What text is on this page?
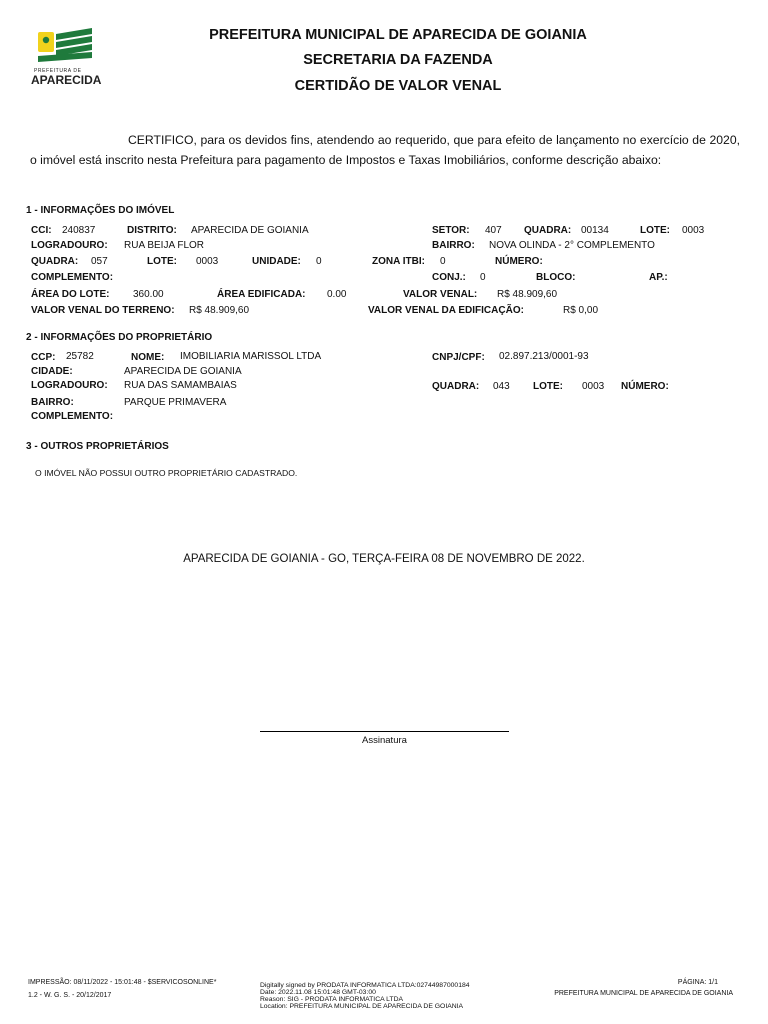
PREFEITURA DE
APARECIDA
PREFEITURA MUNICIPAL DE APARECIDA DE GOIANIA
SECRETARIA DA FAZENDA
CERTIDÃO DE VALOR VENAL
CERTIFICO, para os devidos fins, atendendo ao requerido, que para efeito de lançamento no exercício de 2020, o imóvel está inscrito nesta Prefeitura para pagamento de Impostos e Taxas Imobiliários, conforme descrição abaixo:
1 - INFORMAÇÕES DO IMÓVEL
CCI: 240837	DISTRITO: APARECIDA DE GOIANIA	SETOR: 407 QUADRA: 00134	LOTE: 0003
LOGRADOURO: RUA BEIJA FLOR	BAIRRO: NOVA OLINDA - 2° COMPLEMENTO
QUADRA: 057	LOTE: 0003	UNIDADE: 0	ZONA ITBI: 0	NÚMERO:
COMPLEMENTO:	CONJ.: 0	BLOCO:	AP.:
ÁREA DO LOTE: 360.00	ÁREA EDIFICADA: 0.00	VALOR VENAL: R$ 48.909,60
VALOR VENAL DO TERRENO: R$ 48.909,60	VALOR VENAL DA EDIFICAÇÃO:	R$ 0,00
2 - INFORMAÇÕES DO PROPRIETÁRIO
CCP: 25782	NOME: IMOBILIARIA MARISSOL LTDA	CNPJ/CPF: 02.897.213/0001-93
CIDADE:	APARECIDA DE GOIANIA
LOGRADOURO: RUA DAS SAMAMBAIAS	QUADRA: 043 LOTE: 0003 NÚMERO:
BAIRRO:	PARQUE PRIMAVERA
COMPLEMENTO:
3 - OUTROS PROPRIETÁRIOS
O IMÓVEL NÃO POSSUI OUTRO PROPRIETÁRIO CADASTRADO.
APARECIDA DE GOIANIA - GO, TERÇA-FEIRA 08 DE NOVEMBRO DE 2022.
Assinatura
IMPRESSÃO: 08/11/2022 - 15:01:48 - $SERVICOSONLINE*
1.2 - W. G. S. - 20/12/2017
Digitally signed by PRODATA INFORMATICA LTDA:02744987000184
Date: 2022.11.08 15:01:48 GMT-03:00
Reason: SIG - PRODATA INFORMATICA LTDA
Location: PREFEITURA MUNICIPAL DE APARECIDA DE GOIANIA
PÁGINA: 1/1
PREFEITURA MUNICIPAL DE APARECIDA DE GOIANIA
